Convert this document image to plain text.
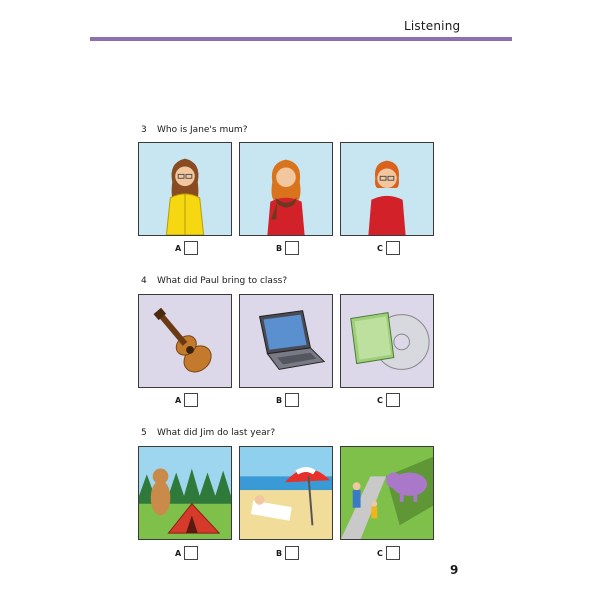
Listening
3 Who is Jane's mum?
A	B	C
4 What did Paul bring to class?
A	B	C
5 What did Jim do last year?
A	B	C
9
